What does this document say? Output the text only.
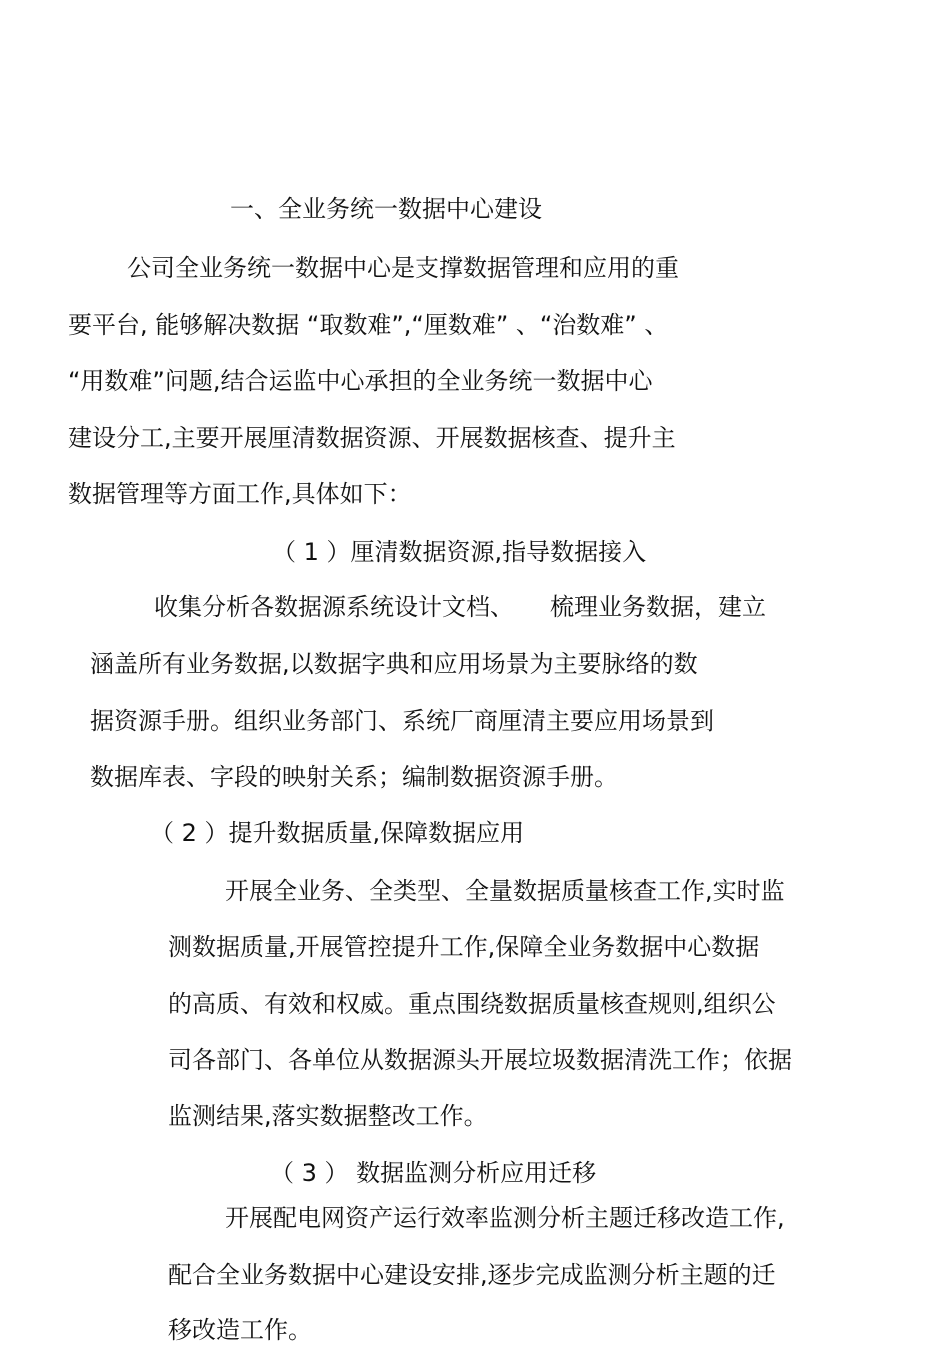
一、全业务统一数据中心建设
公司全业务统一数据中心是支撑数据管理和应用的重
要平台, 能够解决数据 “取数难”,“厘数难” 、“治数难” 、
“用数难”问题,结合运监中心承担的全业务统一数据中心
建设分工,主要开展厘清数据资源、开展数据核查、提升主
数据管理等方面工作,具体如下：
（ 1 ）厘清数据资源,指导数据接入
收集分析各数据源系统设计文档、　　梳理业务数据，建立
涵盖所有业务数据,以数据字典和应用场景为主要脉络的数
据资源手册。组织业务部门、系统厂商厘清主要应用场景到
数据库表、字段的映射关系；编制数据资源手册。
（ 2 ）提升数据质量,保障数据应用
开展全业务、全类型、全量数据质量核查工作,实时监
测数据质量,开展管控提升工作,保障全业务数据中心数据
的高质、有效和权威。重点围绕数据质量核查规则,组织公
司各部门、各单位从数据源头开展垃圾数据清洗工作；依据
监测结果,落实数据整改工作。
（ 3 ） 数据监测分析应用迁移
开展配电网资产运行效率监测分析主题迁移改造工作,
配合全业务数据中心建设安排,逐步完成监测分析主题的迁
移改造工作。
